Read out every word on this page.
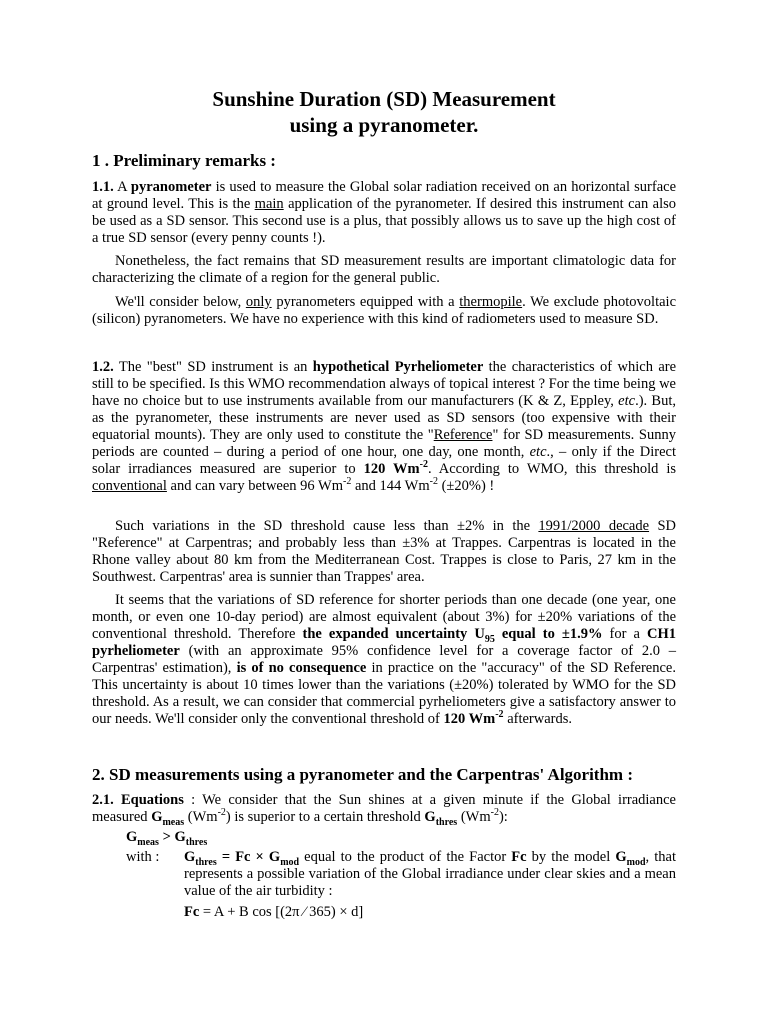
Sunshine Duration (SD) Measurement
using a pyranometer.
1 . Preliminary remarks :

1.1. A pyranometer is used to measure the Global solar radiation received on an horizontal surface at ground level. This is the main application of the pyranometer. If desired this instrument can also be used as a SD sensor. This second use is a plus, that possibly allows us to save up the high cost of a true SD sensor (every penny counts !).

Nonetheless, the fact remains that SD measurement results are important climatologic data for characterizing the climate of a region for the general public.

We'll consider below, only pyranometers equipped with a thermopile. We exclude photovoltaic (silicon) pyranometers. We have no experience with this kind of radiometers used to measure SD.

1.2. The "best" SD instrument is an hypothetical Pyrheliometer the characteristics of which are still to be specified. Is this WMO recommendation always of topical interest ? For the time being we have no choice but to use instruments available from our manufacturers (K & Z, Eppley, etc.). But, as the pyranometer, these instruments are never used as SD sensors (too expensive with their equatorial mounts). They are only used to constitute the "Reference" for SD measurements. Sunny periods are counted – during a period of one hour, one day, one month, etc., – only if the Direct solar irradiances measured are superior to 120 $Wm^{-2}$. According to WMO, this threshold is conventional and can vary between 96 $Wm^{-2}$ and 144 $Wm^{-2}$ (±20%) !

Such variations in the SD threshold cause less than ±2% in the 1991/2000 decade SD "Reference" at Carpentras; and probably less than ±3% at Trappes. Carpentras is located in the Rhone valley about 80 km from the Mediterranean Cost. Trappes is close to Paris, 27 km in the Southwest. Carpentras' area is sunnier than Trappes' area.

It seems that the variations of SD reference for shorter periods than one decade (one year, one month, or even one 10-day period) are almost equivalent (about 3%) for ±20% variations of the conventional threshold. Therefore the expanded uncertainty $U_{95}$ equal to ±1.9% for a CH1 pyrheliometer (with an approximate 95% confidence level for a coverage factor of 2.0 – Carpentras' estimation), is of no consequence in practice on the "accuracy" of the SD Reference. This uncertainty is about 10 times lower than the variations (±20%) tolerated by WMO for the SD threshold. As a result, we can consider that commercial pyrheliometers give a satisfactory answer to our needs. We'll consider only the conventional threshold of 120 $Wm^{-2}$ afterwards.

2. SD measurements using a pyranometer and the Carpentras' Algorithm :

2.1. Equations : We consider that the Sun shines at a given minute if the Global irradiance measured $G_{meas}$ $(Wm^{-2})$ is superior to a certain threshold $G_{thres}$ $(Wm^{-2})$:

$G_{meas} > G_{thres}$

with : $G_{thres} = Fc \times G_{mod}$ equal to the product of the Factor Fc by the model $G_{mod}$, that represents a possible variation of the Global irradiance under clear skies and a mean value of the air turbidity :

Fc = A + B cos [(2π ⁄ 365) × d]
